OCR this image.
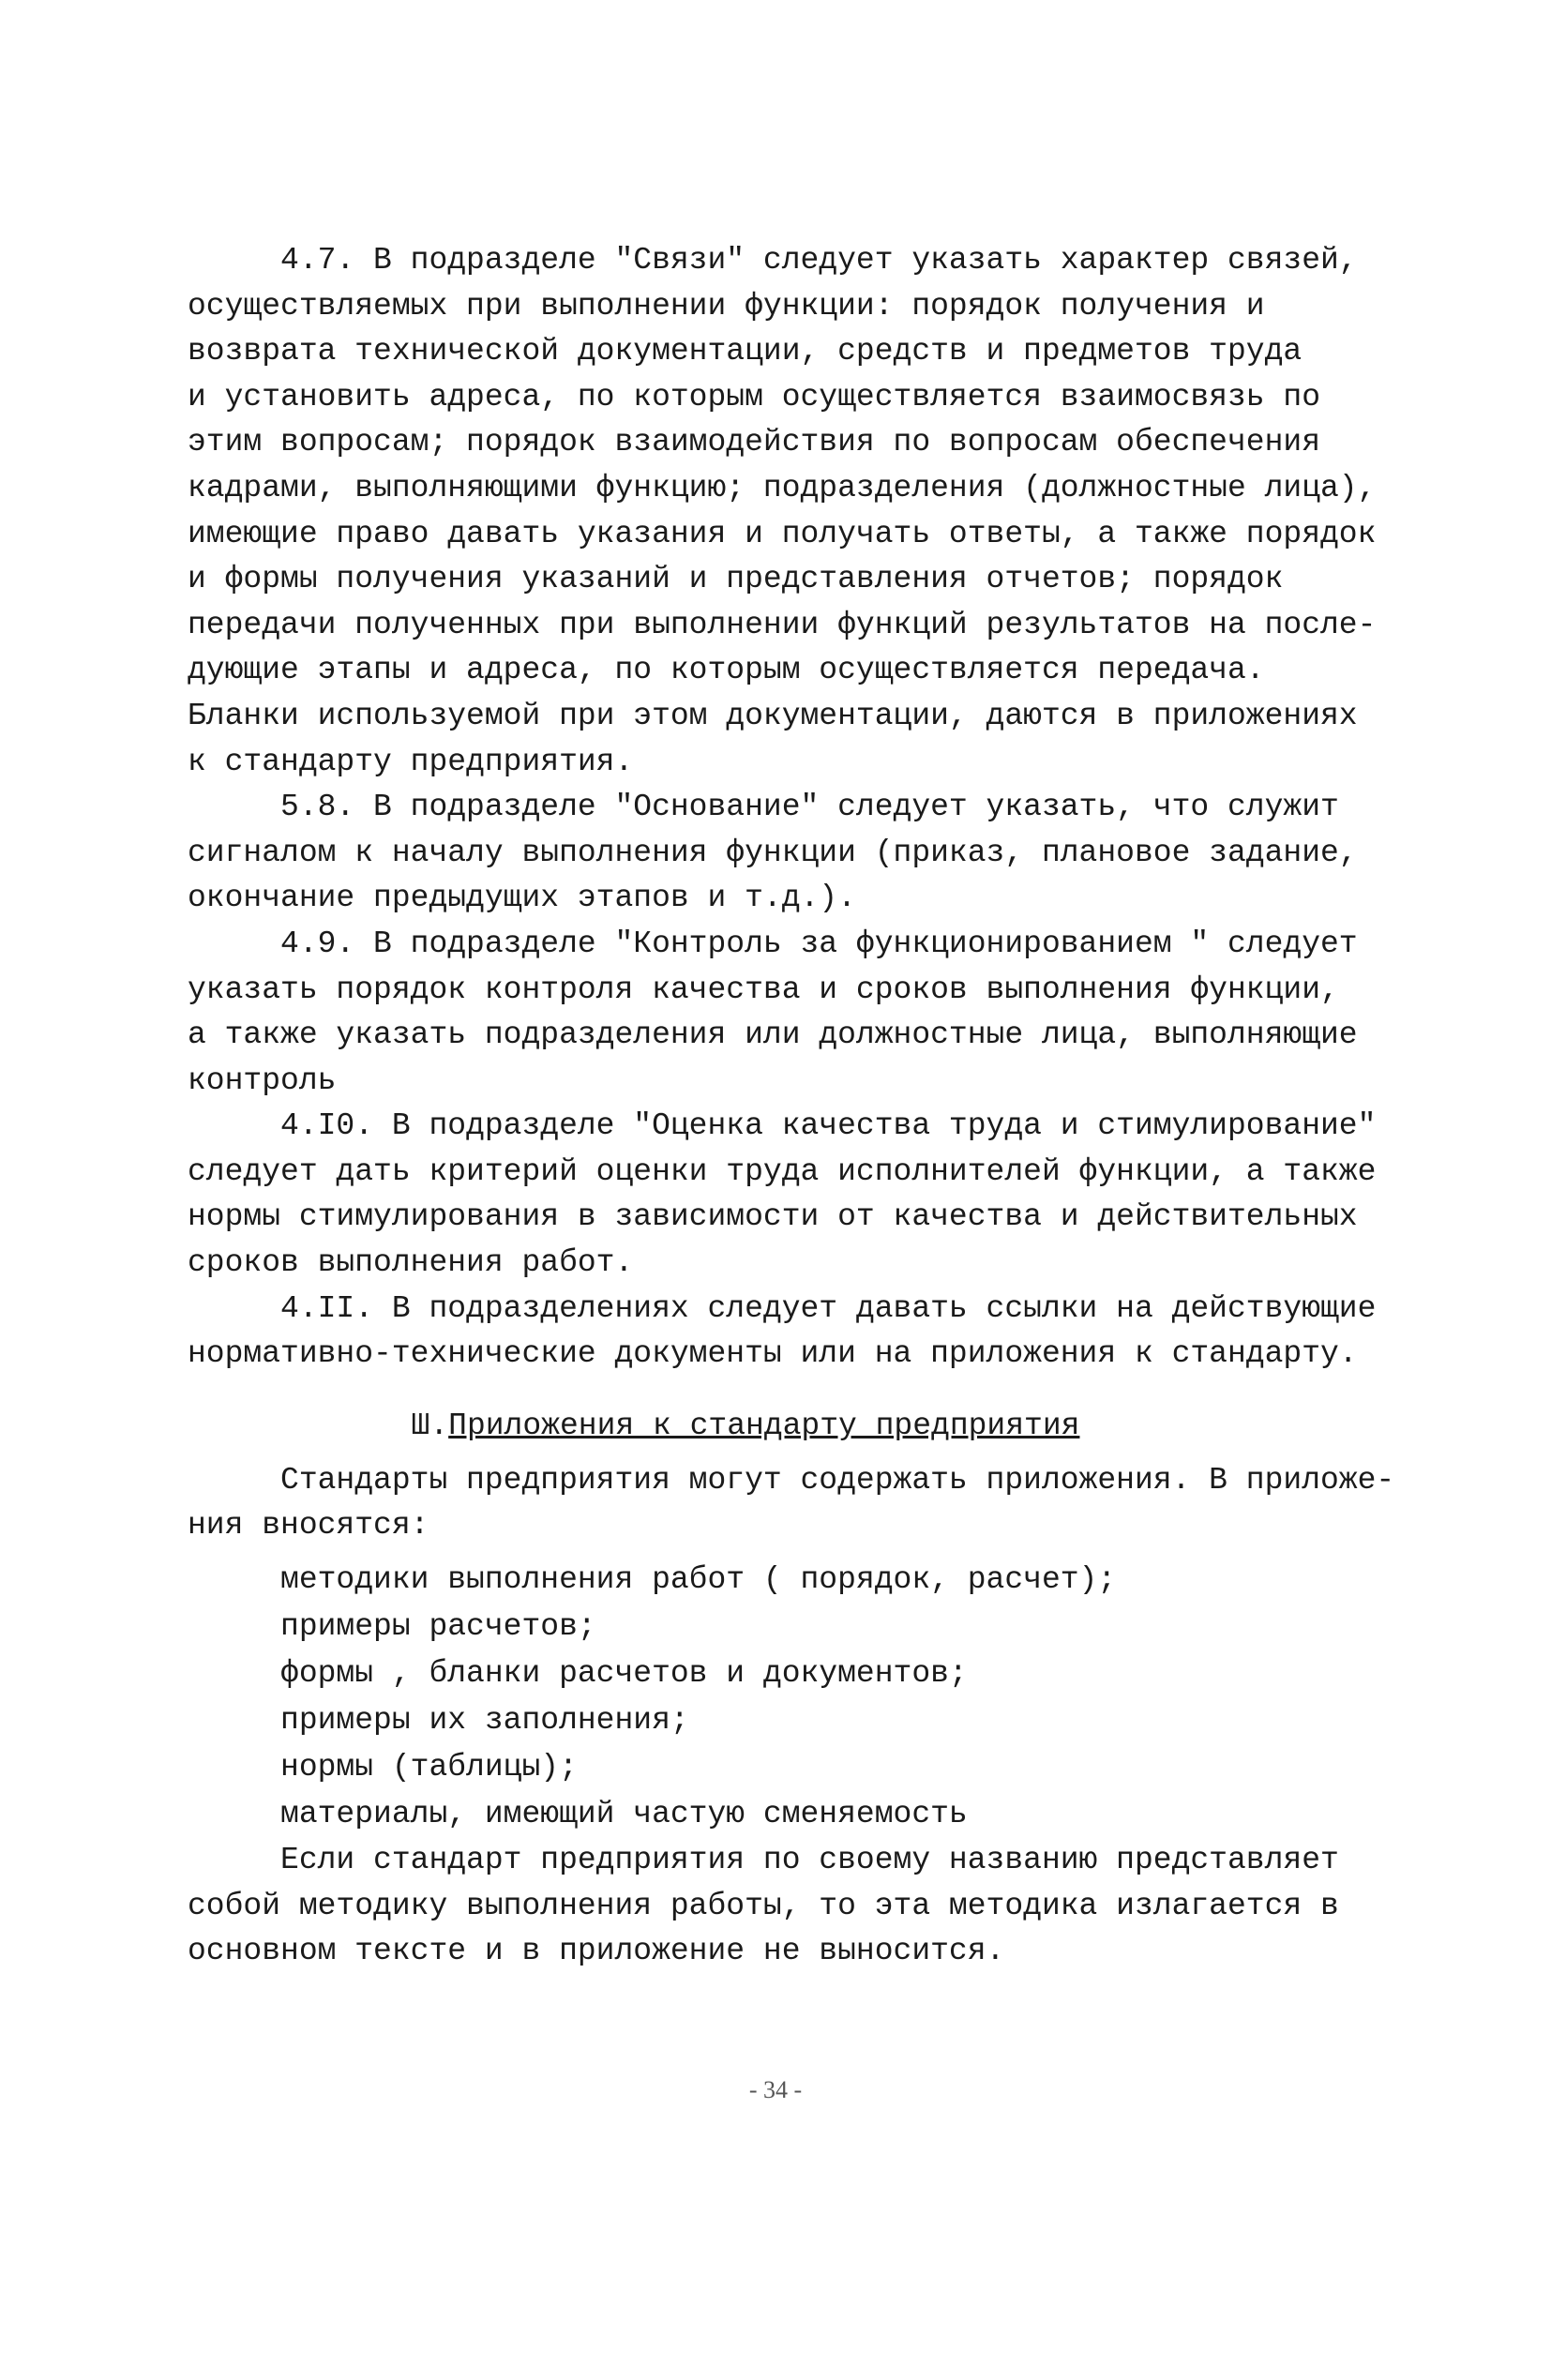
4.7. В подразделе "Связи" следует указать характер связей,
осуществляемых при выполнении функции: порядок получения и
возврата технической документации, средств и предметов труда
и установить адреса, по которым осуществляется взаимосвязь по
этим вопросам; порядок взаимодействия по вопросам обеспечения
кадрами, выполняющими функцию; подразделения (должностные лица),
имеющие право давать указания и получать ответы, а также порядок
и формы получения указаний и представления отчетов; порядок
передачи полученных при выполнении функций результатов на после-
дующие этапы и адреса, по которым осуществляется передача.
Бланки используемой при этом документации, даются в приложениях
к стандарту предприятия.
5.8. В подразделе "Основание" следует указать, что служит
сигналом к началу выполнения функции (приказ, плановое задание,
окончание предыдущих этапов и т.д.).
4.9. В подразделе "Контроль за функционированием " следует
указать порядок контроля качества и сроков выполнения функции,
а также указать подразделения или должностные лица, выполняющие
контроль
4.I0. В подразделе "Оценка качества труда и стимулирование"
следует дать критерий оценки труда исполнителей функции, а также
нормы стимулирования в зависимости от качества и действительных
сроков выполнения работ.
4.II. В подразделениях следует давать ссылки на действующие
нормативно-технические документы или на приложения к стандарту.
Ш.Приложения к стандарту предприятия
Стандарты предприятия могут содержать приложения. В приложе-
ния вносятся:
методики выполнения работ ( порядок, расчет);
примеры расчетов;
формы , бланки расчетов и документов;
примеры их заполнения;
нормы (таблицы);
материалы, имеющий частую сменяемость
Если стандарт предприятия по своему названию представляет
собой методику выполнения работы, то эта методика излагается в
основном тексте и в приложение не выносится.
- 34 -
